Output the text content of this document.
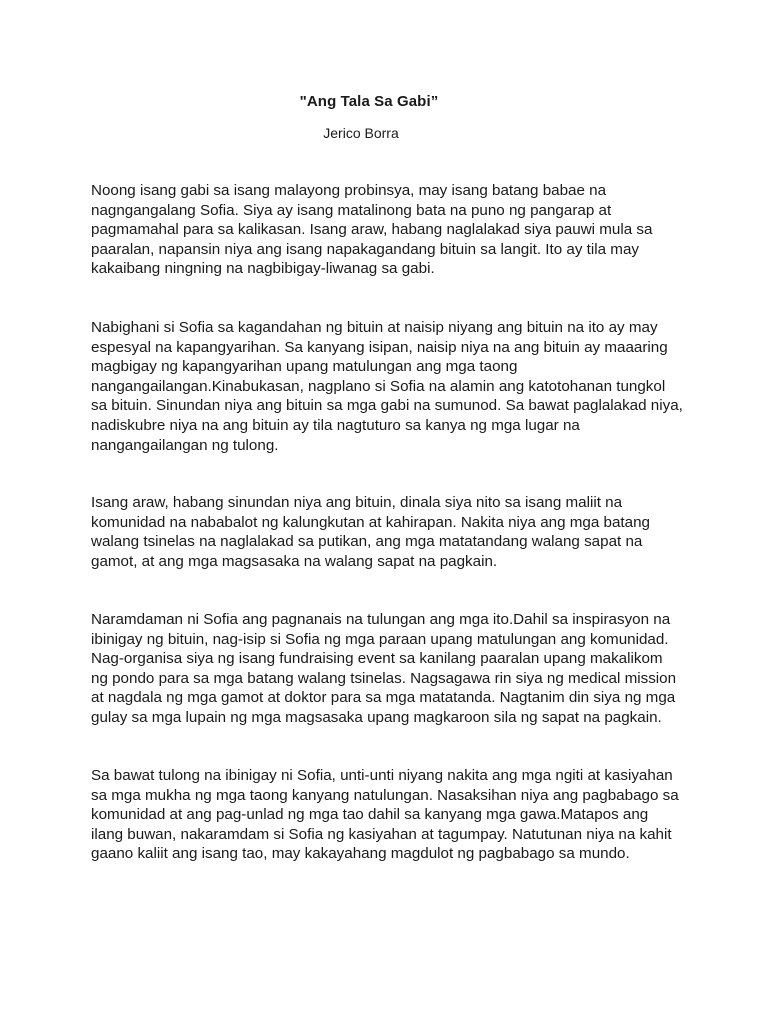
"Ang Tala Sa Gabi”
Jerico Borra

Noong isang gabi sa isang malayong probinsya, may isang batang babae na
nagngangalang Sofia. Siya ay isang matalinong bata na puno ng pangarap at
pagmamahal para sa kalikasan. Isang araw, habang naglalakad siya pauwi mula sa
paaralan, napansin niya ang isang napakagandang bituin sa langit. Ito ay tila may
kakaibang ningning na nagbibigay-liwanag sa gabi.

Nabighani si Sofia sa kagandahan ng bituin at naisip niyang ang bituin na ito ay may
espesyal na kapangyarihan. Sa kanyang isipan, naisip niya na ang bituin ay maaaring
magbigay ng kapangyarihan upang matulungan ang mga taong
nangangailangan.Kinabukasan, nagplano si Sofia na alamin ang katotohanan tungkol
sa bituin. Sinundan niya ang bituin sa mga gabi na sumunod. Sa bawat paglalakad niya,
nadiskubre niya na ang bituin ay tila nagtuturo sa kanya ng mga lugar na
nangangailangan ng tulong.

Isang araw, habang sinundan niya ang bituin, dinala siya nito sa isang maliit na
komunidad na nababalot ng kalungkutan at kahirapan. Nakita niya ang mga batang
walang tsinelas na naglalakad sa putikan, ang mga matatandang walang sapat na
gamot, at ang mga magsasaka na walang sapat na pagkain.

Naramdaman ni Sofia ang pagnanais na tulungan ang mga ito.Dahil sa inspirasyon na
ibinigay ng bituin, nag-isip si Sofia ng mga paraan upang matulungan ang komunidad.
Nag-organisa siya ng isang fundraising event sa kanilang paaralan upang makalikom
ng pondo para sa mga batang walang tsinelas. Nagsagawa rin siya ng medical mission
at nagdala ng mga gamot at doktor para sa mga matatanda. Nagtanim din siya ng mga
gulay sa mga lupain ng mga magsasaka upang magkaroon sila ng sapat na pagkain.

Sa bawat tulong na ibinigay ni Sofia, unti-unti niyang nakita ang mga ngiti at kasiyahan
sa mga mukha ng mga taong kanyang natulungan. Nasaksihan niya ang pagbabago sa
komunidad at ang pag-unlad ng mga tao dahil sa kanyang mga gawa.Matapos ang
ilang buwan, nakaramdam si Sofia ng kasiyahan at tagumpay. Natutunan niya na kahit
gaano kaliit ang isang tao, may kakayahang magdulot ng pagbabago sa mundo.
